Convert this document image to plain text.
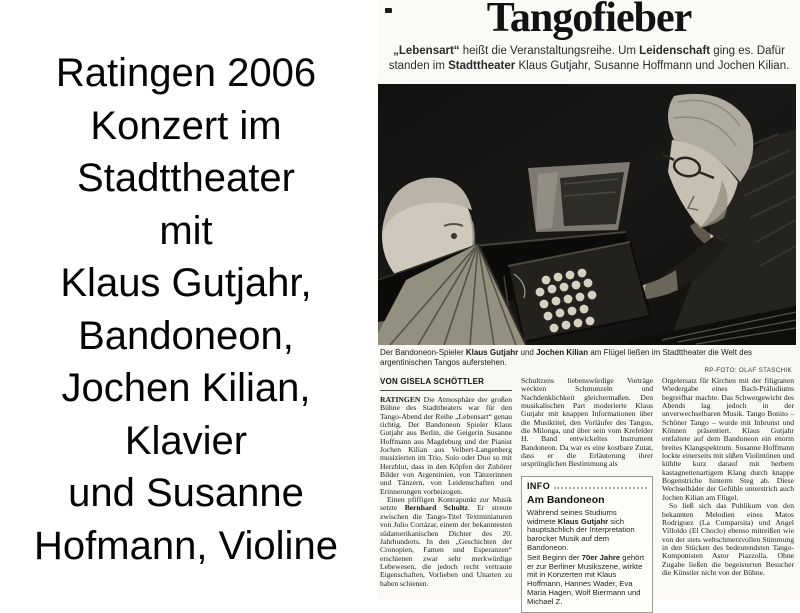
Ratingen 2006
Konzert im
Stadttheater
mit
Klaus Gutjahr,
Bandoneon,
Jochen Kilian,
Klavier
und Susanne
Hofmann, Violine
Tangofieber
„Lebensart“ heißt die Veranstaltungsreihe. Um Leidenschaft ging es. Dafür
standen im Stadttheater Klaus Gutjahr, Susanne Hoffmann und Jochen Kilian.
Der Bandoneon-Spieler Klaus Gutjahr und Jochen Kilian am Flügel ließen im Stadttheater die Welt des argentinischen Tangos auferstehen.
RP-FOTO: OLAF STASCHIK
VON GISELA SCHÖTTLER

RATINGEN Die Atmosphäre der großen Bühne des Stadttheaters war für den Tango-Abend der Reihe „Lebensart“ genau richtig. Der Bandoneon Spieler Klaus Gutjahr aus Berlin, die Geigerin Susanne Hoffmann aus Magdeburg und der Pianist Jochen Kilian aus Velbert-Langenberg musizierten im Trio, Solo oder Duo so mit Herzblut, dass in den Köpfen der Zuhörer Bilder von Argentinien, von Tänzerinnen und Tänzern, von Leidenschaften und Erinnerungen vorbeizogen.

Einen pfiffigen Kontrapunkt zur Musik setzte Bernhard Schultz. Er streute zwischen die Tango-Titel Textminiaturen von Julio Cortázar, einem der bekanntesten südamerikanischen Dichter des 20. Jahrhunderts. In den „Geschichten der Cronopien, Famen und Esperanzen“ erschienen zwar sehr merkwürdige Lebewesen, die jedoch recht vertraute Eigenschaften, Vorlieben und Unarten zu haben schienen.

Schultzens liebenswürdige Vorträge weckten Schmunzeln und Nachdenklichkeit gleichermaßen. Den musikalischen Part moderierte Klaus Gutjahr mit knappen Informationen über die Musiktitel, den Vorläufer des Tangos, die Milonga, und über sein vom Krefelder H. Band entwickeltes Instrument Bandoneon. Da war es eine kostbare Zutat, dass er die Erläuterung ihrer ursprünglichen Bestimmung als

INFO
Am Bandoneon

Während seines Studiums widmete Klaus Gutjahr sich hauptsächlich der Interpretation barocker Musik auf dem Bandoneon.

Seit Beginn der 70er Jahre gehört er zur Berliner Musikszene, wirkte mit in Konzerten mit Klaus Hoffmann, Hannes Wader, Eva Maria Hagen, Wolf Biermann und Michael Z.

Orgelersatz für Kirchen mit der filigranen Wiedergabe eines Bach-Präludiums begreifbar machte. Das Schwergewicht des Abends lag jedoch in der unverwechselbaren Musik. Tango Bonito – Schöner Tango – wurde mit Inbrunst und Können präsentiert. Klaus Gutjahr entfaltete auf dem Bandoneon ein enorm breites Klangspektrum. Susanne Hoffmann lockte einerseits mit süßen Violintönen und kühlte kurz darauf mit herbem kastagnettenartigem Klang durch knappe Bogenstriche hinterm Steg ab. Diese Wechselbäder der Gefühle unterstrich auch Jochen Kilian am Flügel.

So ließ sich das Publikum von den bekannten Melodien eines Matos Rodriguez (La Cumparsita) und Angel Villoldo (El Choclo) ebenso mitreißen wie von der stets weltschmerzvollen Stimmung in den Stücken des bedeutendsten Tango-Komponisten Astor Piazzolla. Ohne Zugabe ließen die begeisterten Besucher die Künstler nicht von der Bühne.
